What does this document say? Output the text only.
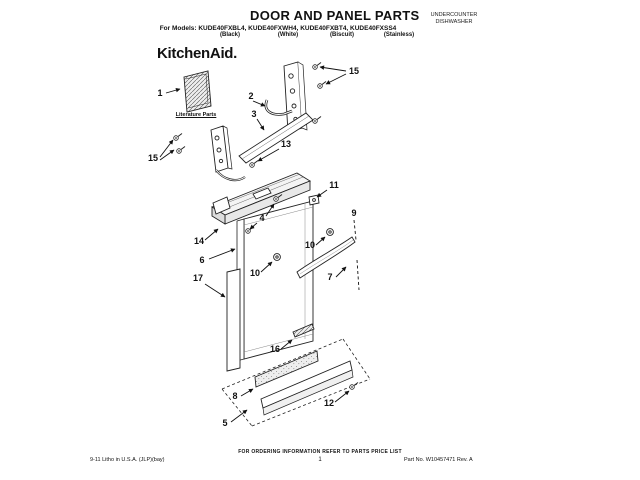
DOOR AND PANEL PARTS
For Models: KUDE40FXBL4, KUDE40FXWH4, KUDE40FXBT4, KUDE40FXSS4
(Black)	(White)	(Biscuit)	(Stainless)
UNDERCOUNTER
DISHWASHER
KitchenAid.
1
15
2
3
13
15
14
4
11
9
10
10	7
6
17
16
8
12
5
Literature Parts
FOR ORDERING INFORMATION REFER TO PARTS PRICE LIST
9-11 Litho in U.S.A. (JLP)(bay)	1	Part No. W10457471 Rev. A
